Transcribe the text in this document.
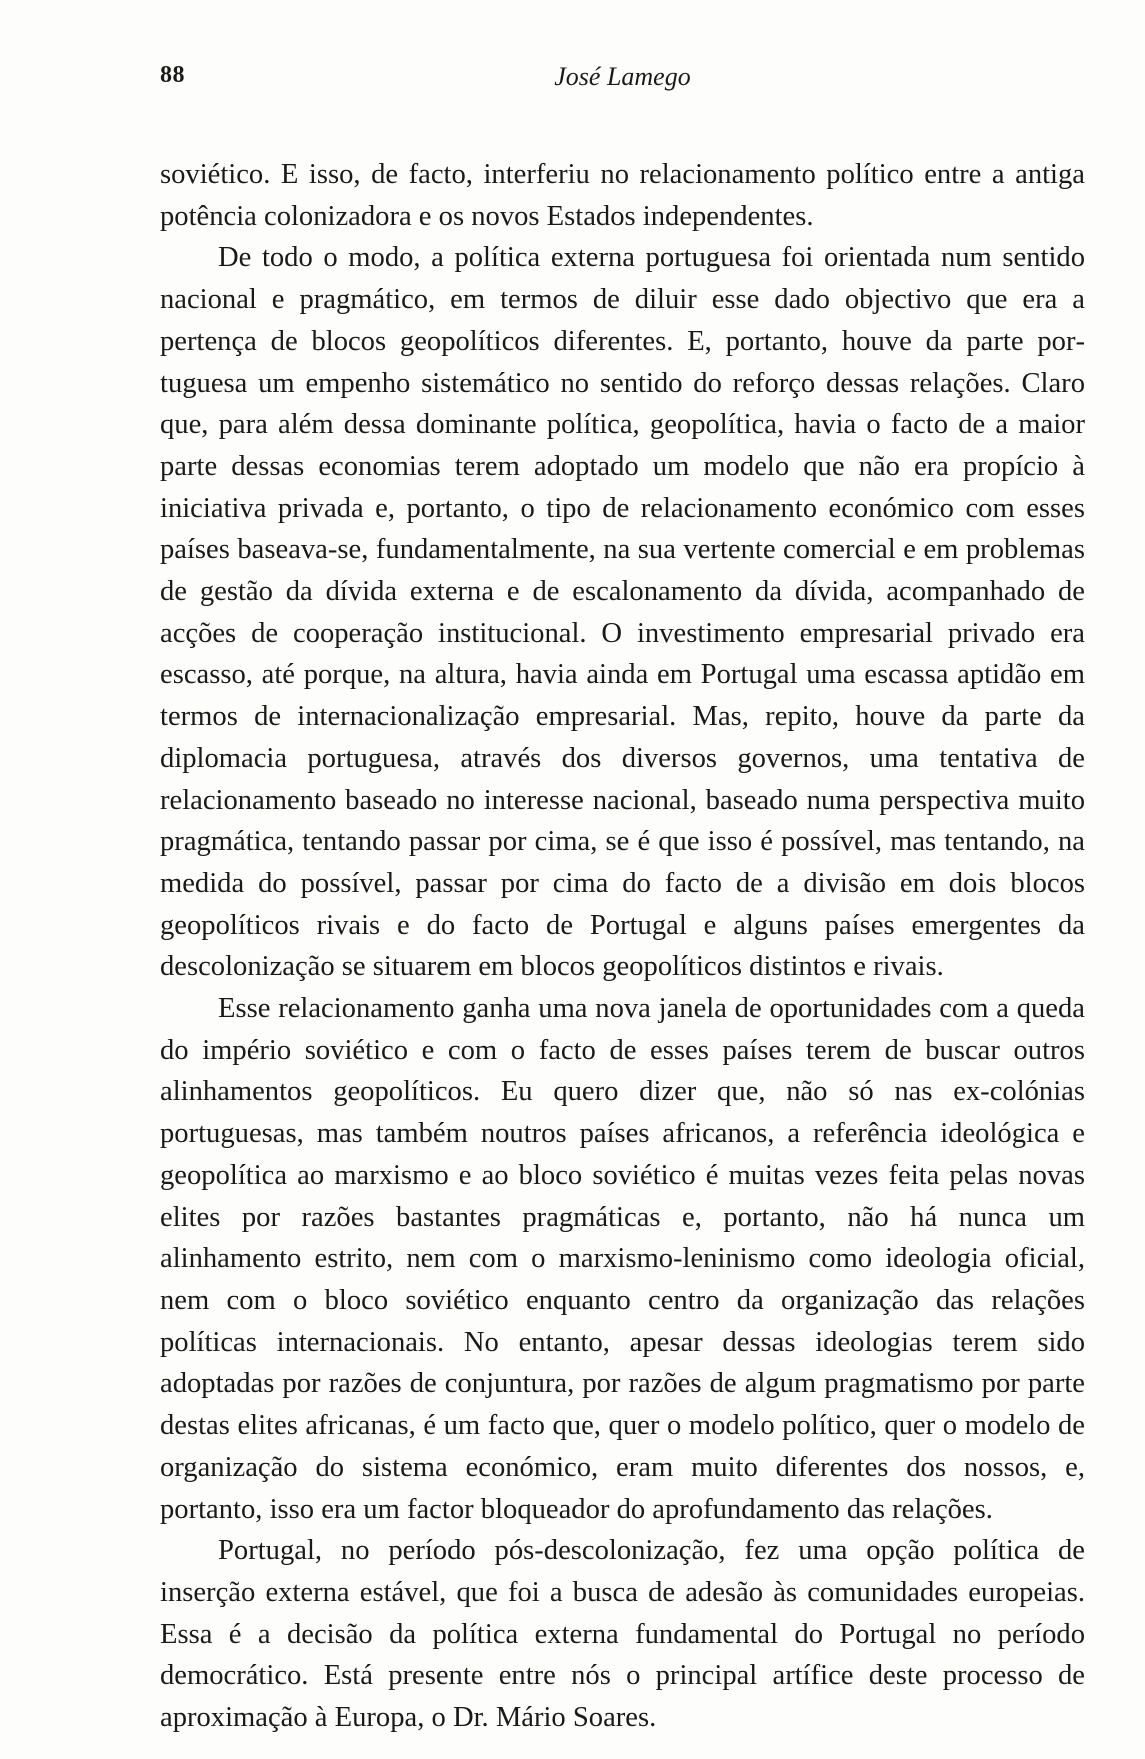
88	José Lamego

soviético. E isso, de facto, interferiu no relacionamento político entre a antiga potência colonizadora e os novos Estados independentes.

De todo o modo, a política externa portuguesa foi orientada num sentido nacional e pragmático, em termos de diluir esse dado objectivo que era a pertença de blocos geopolíticos diferentes. E, portanto, houve da parte portuguesa um empenho sistemático no sentido do reforço dessas relações. Claro que, para além dessa dominante política, geopolítica, havia o facto de a maior parte dessas economias terem adoptado um modelo que não era propício à iniciativa privada e, portanto, o tipo de relacionamento económico com esses países baseava-se, fundamentalmente, na sua vertente comercial e em problemas de gestão da dívida externa e de escalonamento da dívida, acompanhado de acções de cooperação institucional. O investimento empresarial privado era escasso, até porque, na altura, havia ainda em Portugal uma escassa aptidão em termos de internacionalização empresarial. Mas, repito, houve da parte da diplomacia portuguesa, através dos diversos governos, uma tentativa de relacionamento baseado no interesse nacional, baseado numa perspectiva muito pragmática, tentando passar por cima, se é que isso é possível, mas tentando, na medida do possível, passar por cima do facto de a divisão em dois blocos geopolíticos rivais e do facto de Portugal e alguns países emergentes da descolonização se situarem em blocos geopolíticos distintos e rivais.

Esse relacionamento ganha uma nova janela de oportunidades com a queda do império soviético e com o facto de esses países terem de buscar outros alinhamentos geopolíticos. Eu quero dizer que, não só nas ex-colónias portuguesas, mas também noutros países africanos, a referência ideológica e geopolítica ao marxismo e ao bloco soviético é muitas vezes feita pelas novas elites por razões bastantes pragmáticas e, portanto, não há nunca um alinhamento estrito, nem com o marxismo-leninismo como ideologia oficial, nem com o bloco soviético enquanto centro da organização das relações políticas internacionais. No entanto, apesar dessas ideologias terem sido adoptadas por razões de conjuntura, por razões de algum pragmatismo por parte destas elites africanas, é um facto que, quer o modelo político, quer o modelo de organização do sistema económico, eram muito diferentes dos nossos, e, portanto, isso era um factor bloqueador do aprofundamento das relações.

Portugal, no período pós-descolonização, fez uma opção política de inserção externa estável, que foi a busca de adesão às comunidades europeias. Essa é a decisão da política externa fundamental do Portugal no período democrático. Está presente entre nós o principal artífice deste processo de aproximação à Europa, o Dr. Mário Soares.
